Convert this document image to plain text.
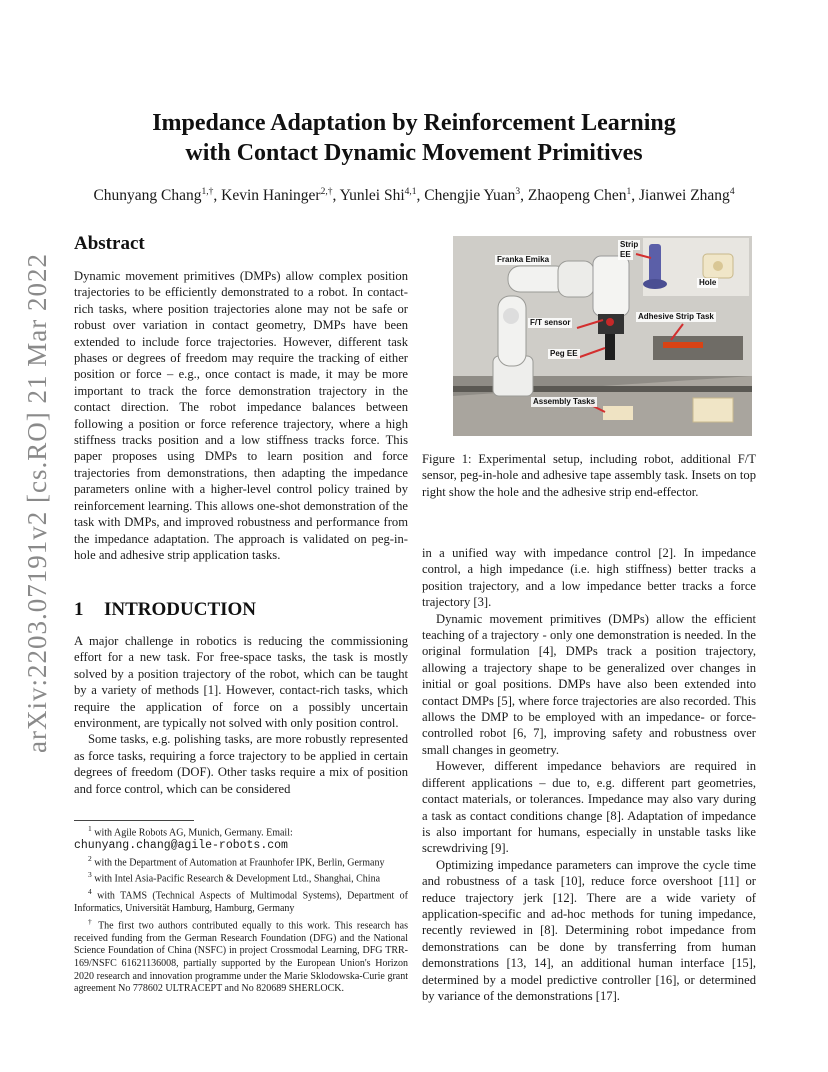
arXiv:2203.07191v2 [cs.RO] 21 Mar 2022
Impedance Adaptation by Reinforcement Learning
with Contact Dynamic Movement Primitives
Chunyang Chang$^{1,\dagger}$, Kevin Haninger$^{2,\dagger}$, Yunlei Shi$^{4,1}$, Chengjie Yuan$^3$, Zhaopeng Chen$^1$, Jianwei Zhang$^4$
Abstract

Dynamic movement primitives (DMPs) allow complex position trajectories to be efficiently demonstrated to a robot. In contact-rich tasks, where position trajectories alone may not be safe or robust over variation in contact geometry, DMPs have been extended to include force trajectories. However, different task phases or degrees of freedom may require the tracking of either position or force – e.g., once contact is made, it may be more important to track the force demonstration trajectory in the contact direction. The robot impedance balances between following a position or force reference trajectory, where a high stiffness tracks position and a low stiffness tracks force. This paper proposes using DMPs to learn position and force trajectories from demonstrations, then adapting the impedance parameters online with a higher-level control policy trained by reinforcement learning. This allows one-shot demonstration of the task with DMPs, and improved robustness and performance from the impedance adaptation. The approach is validated on peg-in-hole and adhesive strip application tasks.

1 INTRODUCTION

A major challenge in robotics is reducing the commissioning effort for a new task. For free-space tasks, the task is mostly solved by a position trajectory of the robot, which can be taught by a variety of methods [1]. However, contact-rich tasks, which require the application of force on a possibly uncertain environment, are typically not solved with only position control.

Some tasks, e.g. polishing tasks, are more robustly represented as force tasks, requiring a force trajectory to be applied in certain degrees of freedom (DOF). Other tasks require a mix of position and force control, which can be considered

$^1$ with Agile Robots AG, Munich, Germany. Email:
chunyang.chang@agile-robots.com

$^2$ with the Department of Automation at Fraunhofer IPK, Berlin, Germany

$^3$ with Intel Asia-Pacific Research & Development Ltd., Shanghai, China

$^4$ with TAMS (Technical Aspects of Multimodal Systems), Department of Informatics, Universität Hamburg, Hamburg, Germany

† The first two authors contributed equally to this work. This research has received funding from the German Research Foundation (DFG) and the National Science Foundation of China (NSFC) in project Crossmodal Learning, DFG TRR-169/NSFC 61621136008, partially supported by the European Union's Horizon 2020 research and innovation programme under the Marie Sklodowska-Curie grant agreement No 778602 ULTRACEPT and No 820689 SHERLOCK.

Franka Emika
Strip
EE
Hole
F/T sensor
Adhesive Strip Task
Peg EE
Assembly Tasks
Figure 1: Experimental setup, including robot, additional F/T sensor, peg-in-hole and adhesive tape assembly task. Insets on top right show the hole and the adhesive strip end-effector.

in a unified way with impedance control [2]. In impedance control, a high impedance (i.e. high stiffness) better tracks a position trajectory, and a low impedance better tracks a force trajectory [3].

Dynamic movement primitives (DMPs) allow the efficient teaching of a trajectory - only one demonstration is needed. In the original formulation [4], DMPs track a position trajectory, allowing a trajectory shape to be generalized over changes in initial or goal positions. DMPs have also been extended into contact DMPs [5], where force trajectories are also recorded. This allows the DMP to be employed with an impedance- or force-controlled robot [6, 7], improving safety and robustness over small changes in geometry.

However, different impedance behaviors are required in different applications – due to, e.g. different part geometries, contact materials, or tolerances. Impedance may also vary during a task as contact conditions change [8]. Adaptation of impedance is also important for humans, especially in unstable tasks like screwdriving [9].

Optimizing impedance parameters can improve the cycle time and robustness of a task [10], reduce force overshoot [11] or reduce trajectory jerk [12]. There are a wide variety of application-specific and ad-hoc methods for tuning impedance, recently reviewed in [8]. Determining robot impedance from demonstrations can be done by transferring from human demonstrations [13, 14], an additional human interface [15], determined by a model predictive controller [16], or determined by variance of the demonstrations [17].
